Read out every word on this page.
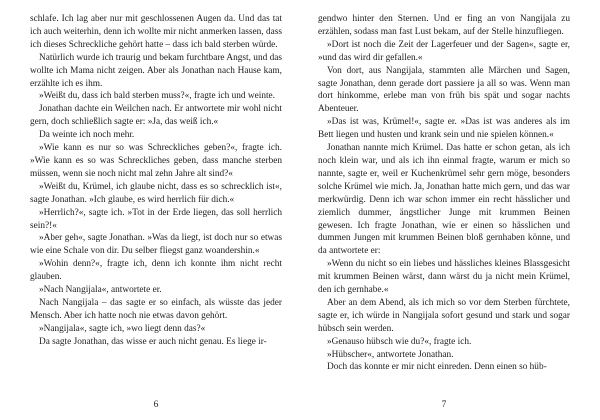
schlafe. Ich lag aber nur mit geschlossenen Augen da. Und das tat ich auch weiterhin, denn ich wollte mir nicht anmerken lassen, dass ich dieses Schreckliche gehört hatte – dass ich bald sterben würde.

Natürlich wurde ich traurig und bekam furchtbare Angst, und das wollte ich Mama nicht zeigen. Aber als Jonathan nach Hause kam, erzählte ich es ihm.

»Weißt du, dass ich bald sterben muss?«, fragte ich und weinte.

Jonathan dachte ein Weilchen nach. Er antwortete mir wohl nicht gern, doch schließlich sagte er: »Ja, das weiß ich.«

Da weinte ich noch mehr.

»Wie kann es nur so was Schreckliches geben?«, fragte ich. »Wie kann es so was Schreckliches geben, dass manche sterben müssen, wenn sie noch nicht mal zehn Jahre alt sind?«

»Weißt du, Krümel, ich glaube nicht, dass es so schrecklich ist«, sagte Jonathan. »Ich glaube, es wird herrlich für dich.«

»Herrlich?«, sagte ich. »Tot in der Erde liegen, das soll herrlich sein?!«

»Aber geh«, sagte Jonathan. »Was da liegt, ist doch nur so etwas wie eine Schale von dir. Du selber fliegst ganz woandershin.«

»Wohin denn?«, fragte ich, denn ich konnte ihm nicht recht glauben.

»Nach Nangijala«, antwortete er.

Nach Nangijala – das sagte er so einfach, als wüsste das jeder Mensch. Aber ich hatte noch nie etwas davon gehört.

»Nangijala«, sagte ich, »wo liegt denn das?«

Da sagte Jonathan, das wisse er auch nicht genau. Es liege ir-

6

gendwo hinter den Sternen. Und er fing an von Nangijala zu erzählen, sodass man fast Lust bekam, auf der Stelle hinzufliegen.

»Dort ist noch die Zeit der Lagerfeuer und der Sagen«, sagte er, »und das wird dir gefallen.«

Von dort, aus Nangijala, stammten alle Märchen und Sagen, sagte Jonathan, denn gerade dort passiere ja all so was. Wenn man dort hinkomme, erlebe man von früh bis spät und sogar nachts Abenteuer.

»Das ist was, Krümel!«, sagte er. »Das ist was anderes als im Bett liegen und husten und krank sein und nie spielen können.«

Jonathan nannte mich Krümel. Das hatte er schon getan, als ich noch klein war, und als ich ihn einmal fragte, warum er mich so nannte, sagte er, weil er Kuchenkrümel sehr gern möge, besonders solche Krümel wie mich. Ja, Jonathan hatte mich gern, und das war merkwürdig. Denn ich war schon immer ein recht hässlicher und ziemlich dummer, ängstlicher Junge mit krummen Beinen gewesen. Ich fragte Jonathan, wie er einen so hässlichen und dummen Jungen mit krummen Beinen bloß gernhaben könne, und da antwortete er:

»Wenn du nicht so ein liebes und hässliches kleines Blassgesicht mit krummen Beinen wärst, dann wärst du ja nicht mein Krümel, den ich gernhabe.«

Aber an dem Abend, als ich mich so vor dem Sterben fürchtete, sagte er, ich würde in Nangijala sofort gesund und stark und sogar hübsch sein werden.

»Genauso hübsch wie du?«, fragte ich.

»Hübscher«, antwortete Jonathan.

Doch das konnte er mir nicht einreden. Denn einen so hüb-

7
